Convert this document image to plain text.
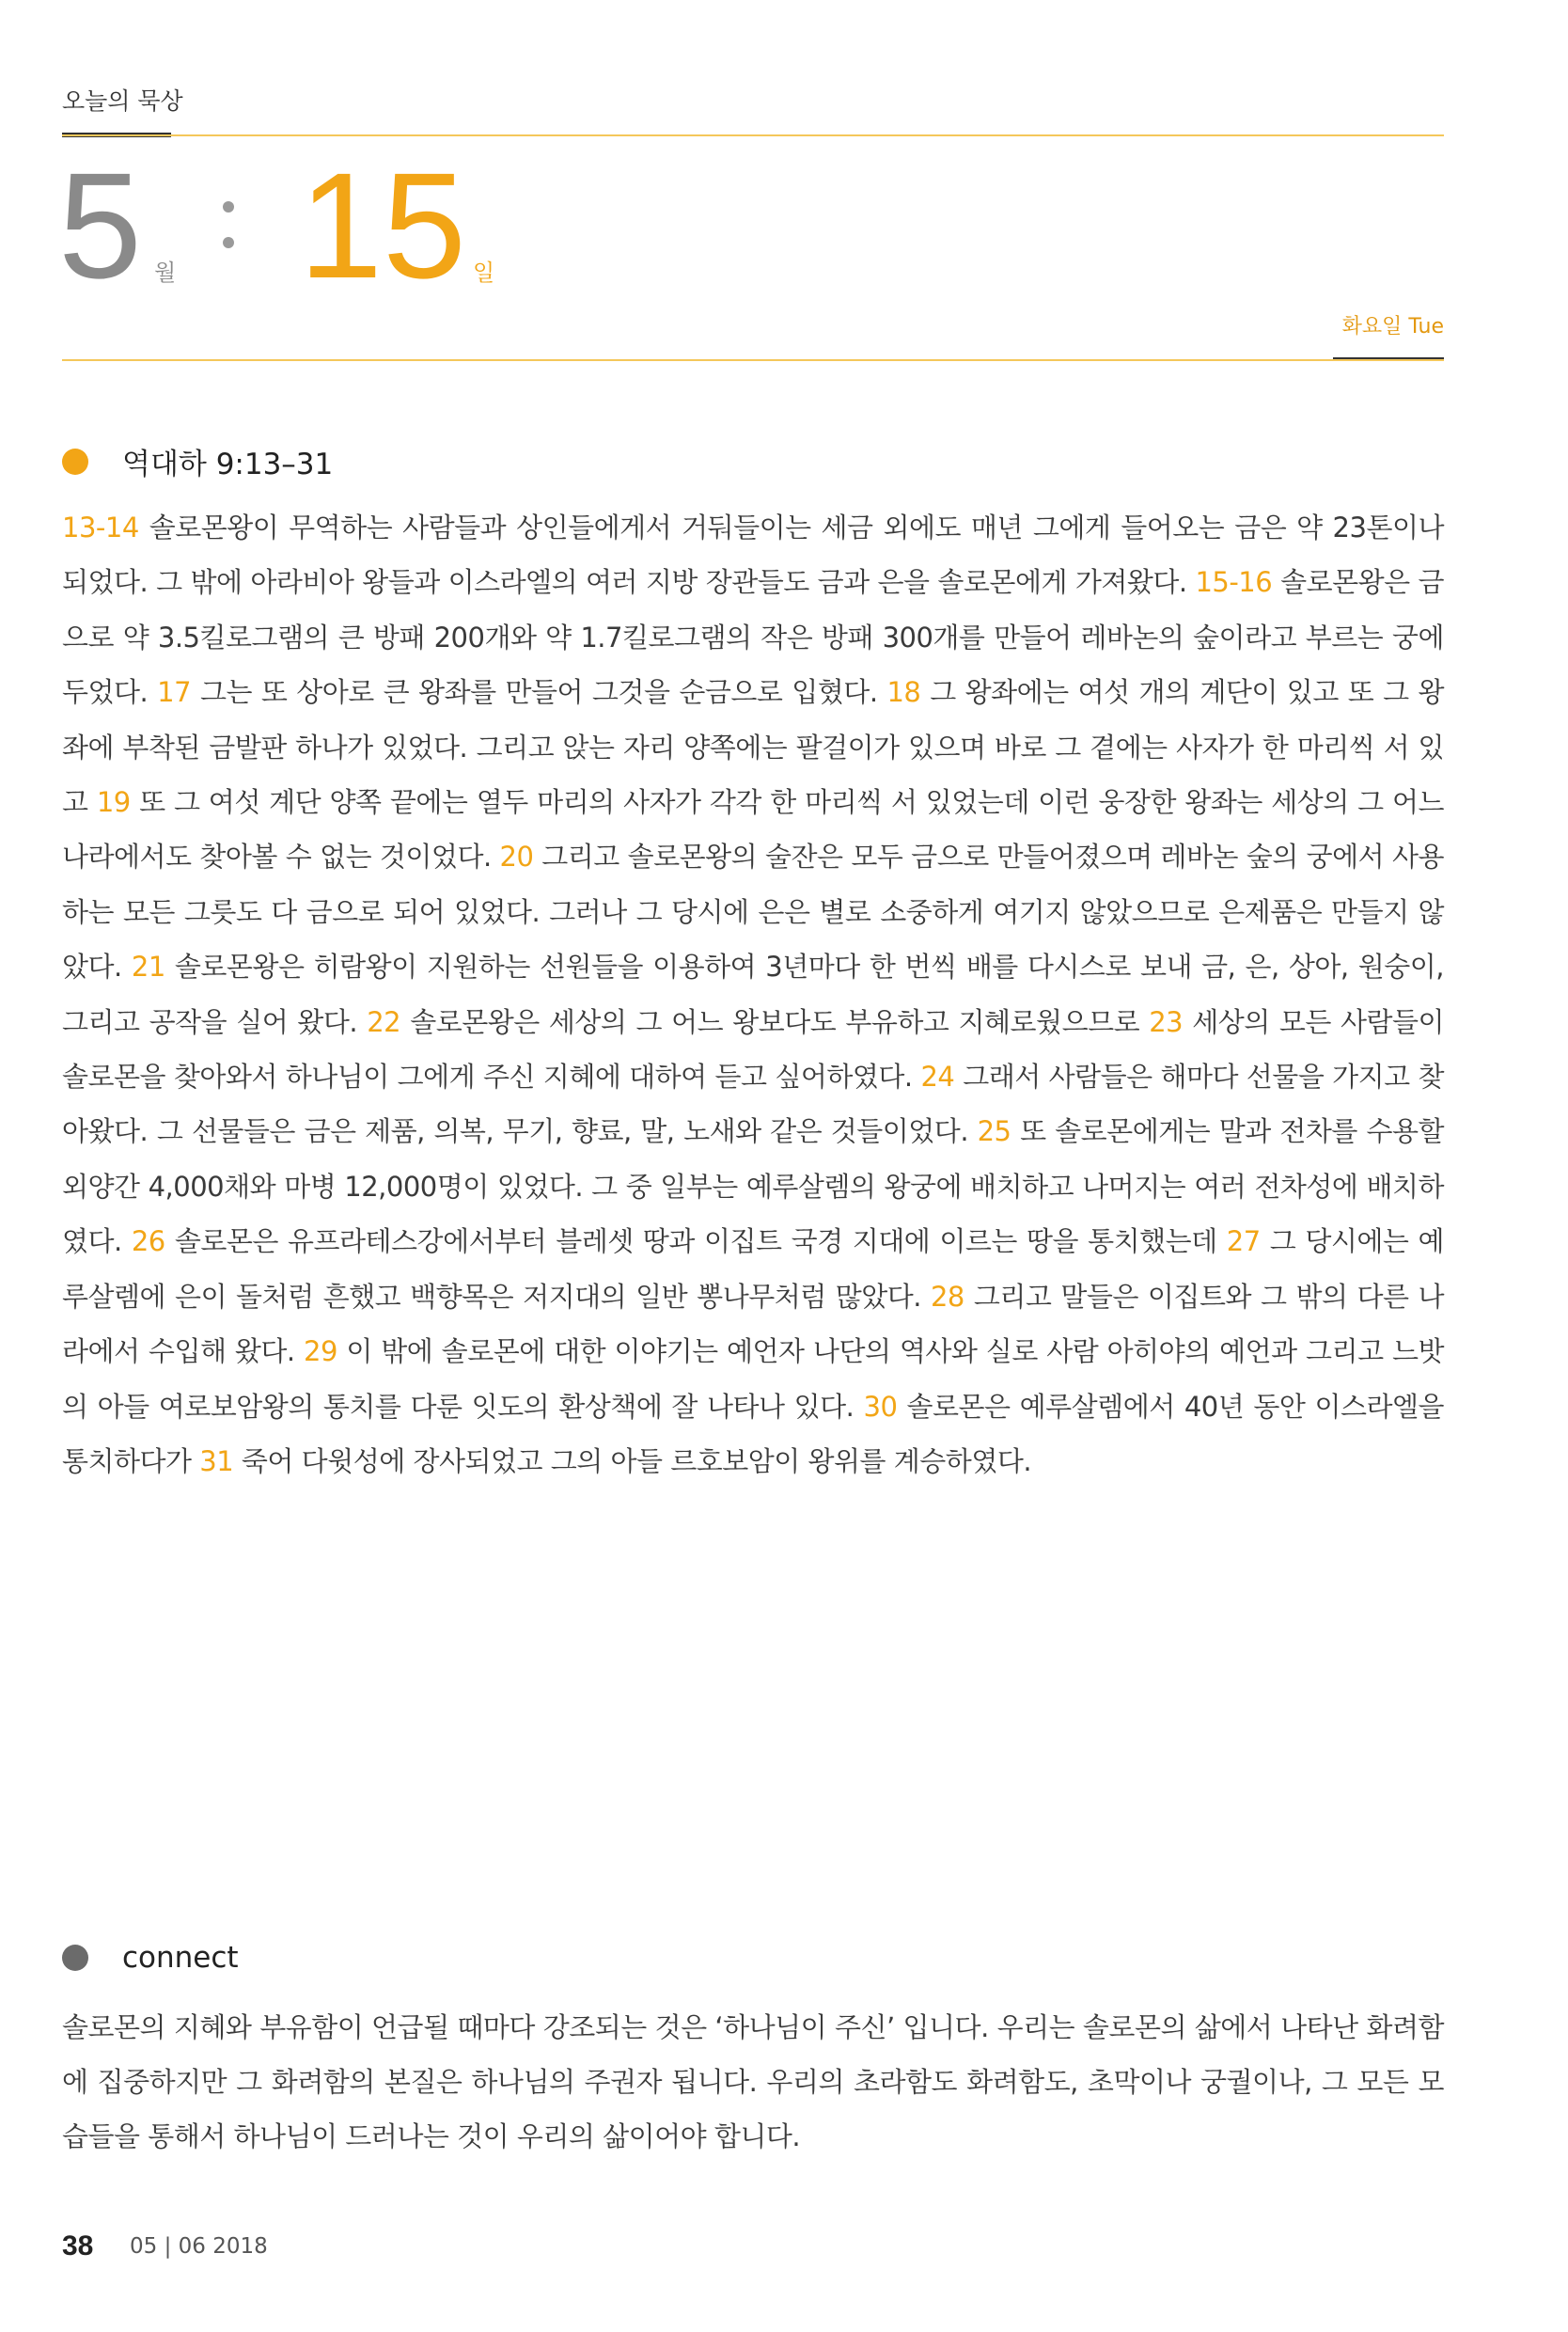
오늘의 묵상
5 월 15 일
화요일 Tue
역대하 9:13–31
13-14 솔로몬왕이 무역하는 사람들과 상인들에게서 거둬들이는 세금 외에도 매년 그에게 들어오는 금은 약 23톤이나 되었다. 그 밖에 아라비아 왕들과 이스라엘의 여러 지방 장관들도 금과 은을 솔로몬에게 가져왔다. 15-16 솔로몬왕은 금으로 약 3.5킬로그램의 큰 방패 200개와 약 1.7킬로그램의 작은 방패 300개를 만들어 레바논의 숲이라고 부르는 궁에 두었다. 17 그는 또 상아로 큰 왕좌를 만들어 그것을 순금으로 입혔다. 18 그 왕좌에는 여섯 개의 계단이 있고 또 그 왕좌에 부착된 금발판 하나가 있었다. 그리고 앉는 자리 양쪽에는 팔걸이가 있으며 바로 그 곁에는 사자가 한 마리씩 서 있고 19 또 그 여섯 계단 양쪽 끝에는 열두 마리의 사자가 각각 한 마리씩 서 있었는데 이런 웅장한 왕좌는 세상의 그 어느 나라에서도 찾아볼 수 없는 것이었다. 20 그리고 솔로몬왕의 술잔은 모두 금으로 만들어졌으며 레바논 숲의 궁에서 사용하는 모든 그릇도 다 금으로 되어 있었다. 그러나 그 당시에 은은 별로 소중하게 여기지 않았으므로 은제품은 만들지 않았다. 21 솔로몬왕은 히람왕이 지원하는 선원들을 이용하여 3년마다 한 번씩 배를 다시스로 보내 금, 은, 상아, 원숭이, 그리고 공작을 실어 왔다. 22 솔로몬왕은 세상의 그 어느 왕보다도 부유하고 지혜로웠으므로 23 세상의 모든 사람들이 솔로몬을 찾아와서 하나님이 그에게 주신 지혜에 대하여 듣고 싶어하였다. 24 그래서 사람들은 해마다 선물을 가지고 찾아왔다. 그 선물들은 금은 제품, 의복, 무기, 향료, 말, 노새와 같은 것들이었다. 25 또 솔로몬에게는 말과 전차를 수용할 외양간 4,000채와 마병 12,000명이 있었다. 그 중 일부는 예루살렘의 왕궁에 배치하고 나머지는 여러 전차성에 배치하였다. 26 솔로몬은 유프라테스강에서부터 블레셋 땅과 이집트 국경 지대에 이르는 땅을 통치했는데 27 그 당시에는 예루살렘에 은이 돌처럼 흔했고 백향목은 저지대의 일반 뽕나무처럼 많았다. 28 그리고 말들은 이집트와 그 밖의 다른 나라에서 수입해 왔다. 29 이 밖에 솔로몬에 대한 이야기는 예언자 나단의 역사와 실로 사람 아히야의 예언과 그리고 느밧의 아들 여로보암왕의 통치를 다룬 잇도의 환상책에 잘 나타나 있다. 30 솔로몬은 예루살렘에서 40년 동안 이스라엘을 통치하다가 31 죽어 다윗성에 장사되었고 그의 아들 르호보암이 왕위를 계승하였다.
connect
솔로몬의 지혜와 부유함이 언급될 때마다 강조되는 것은 ‘하나님이 주신’ 입니다. 우리는 솔로몬의 삶에서 나타난 화려함에 집중하지만 그 화려함의 본질은 하나님의 주권자 됩니다. 우리의 초라함도 화려함도, 초막이나 궁궐이나, 그 모든 모습들을 통해서 하나님이 드러나는 것이 우리의 삶이어야 합니다.
38 05 | 06 2018
